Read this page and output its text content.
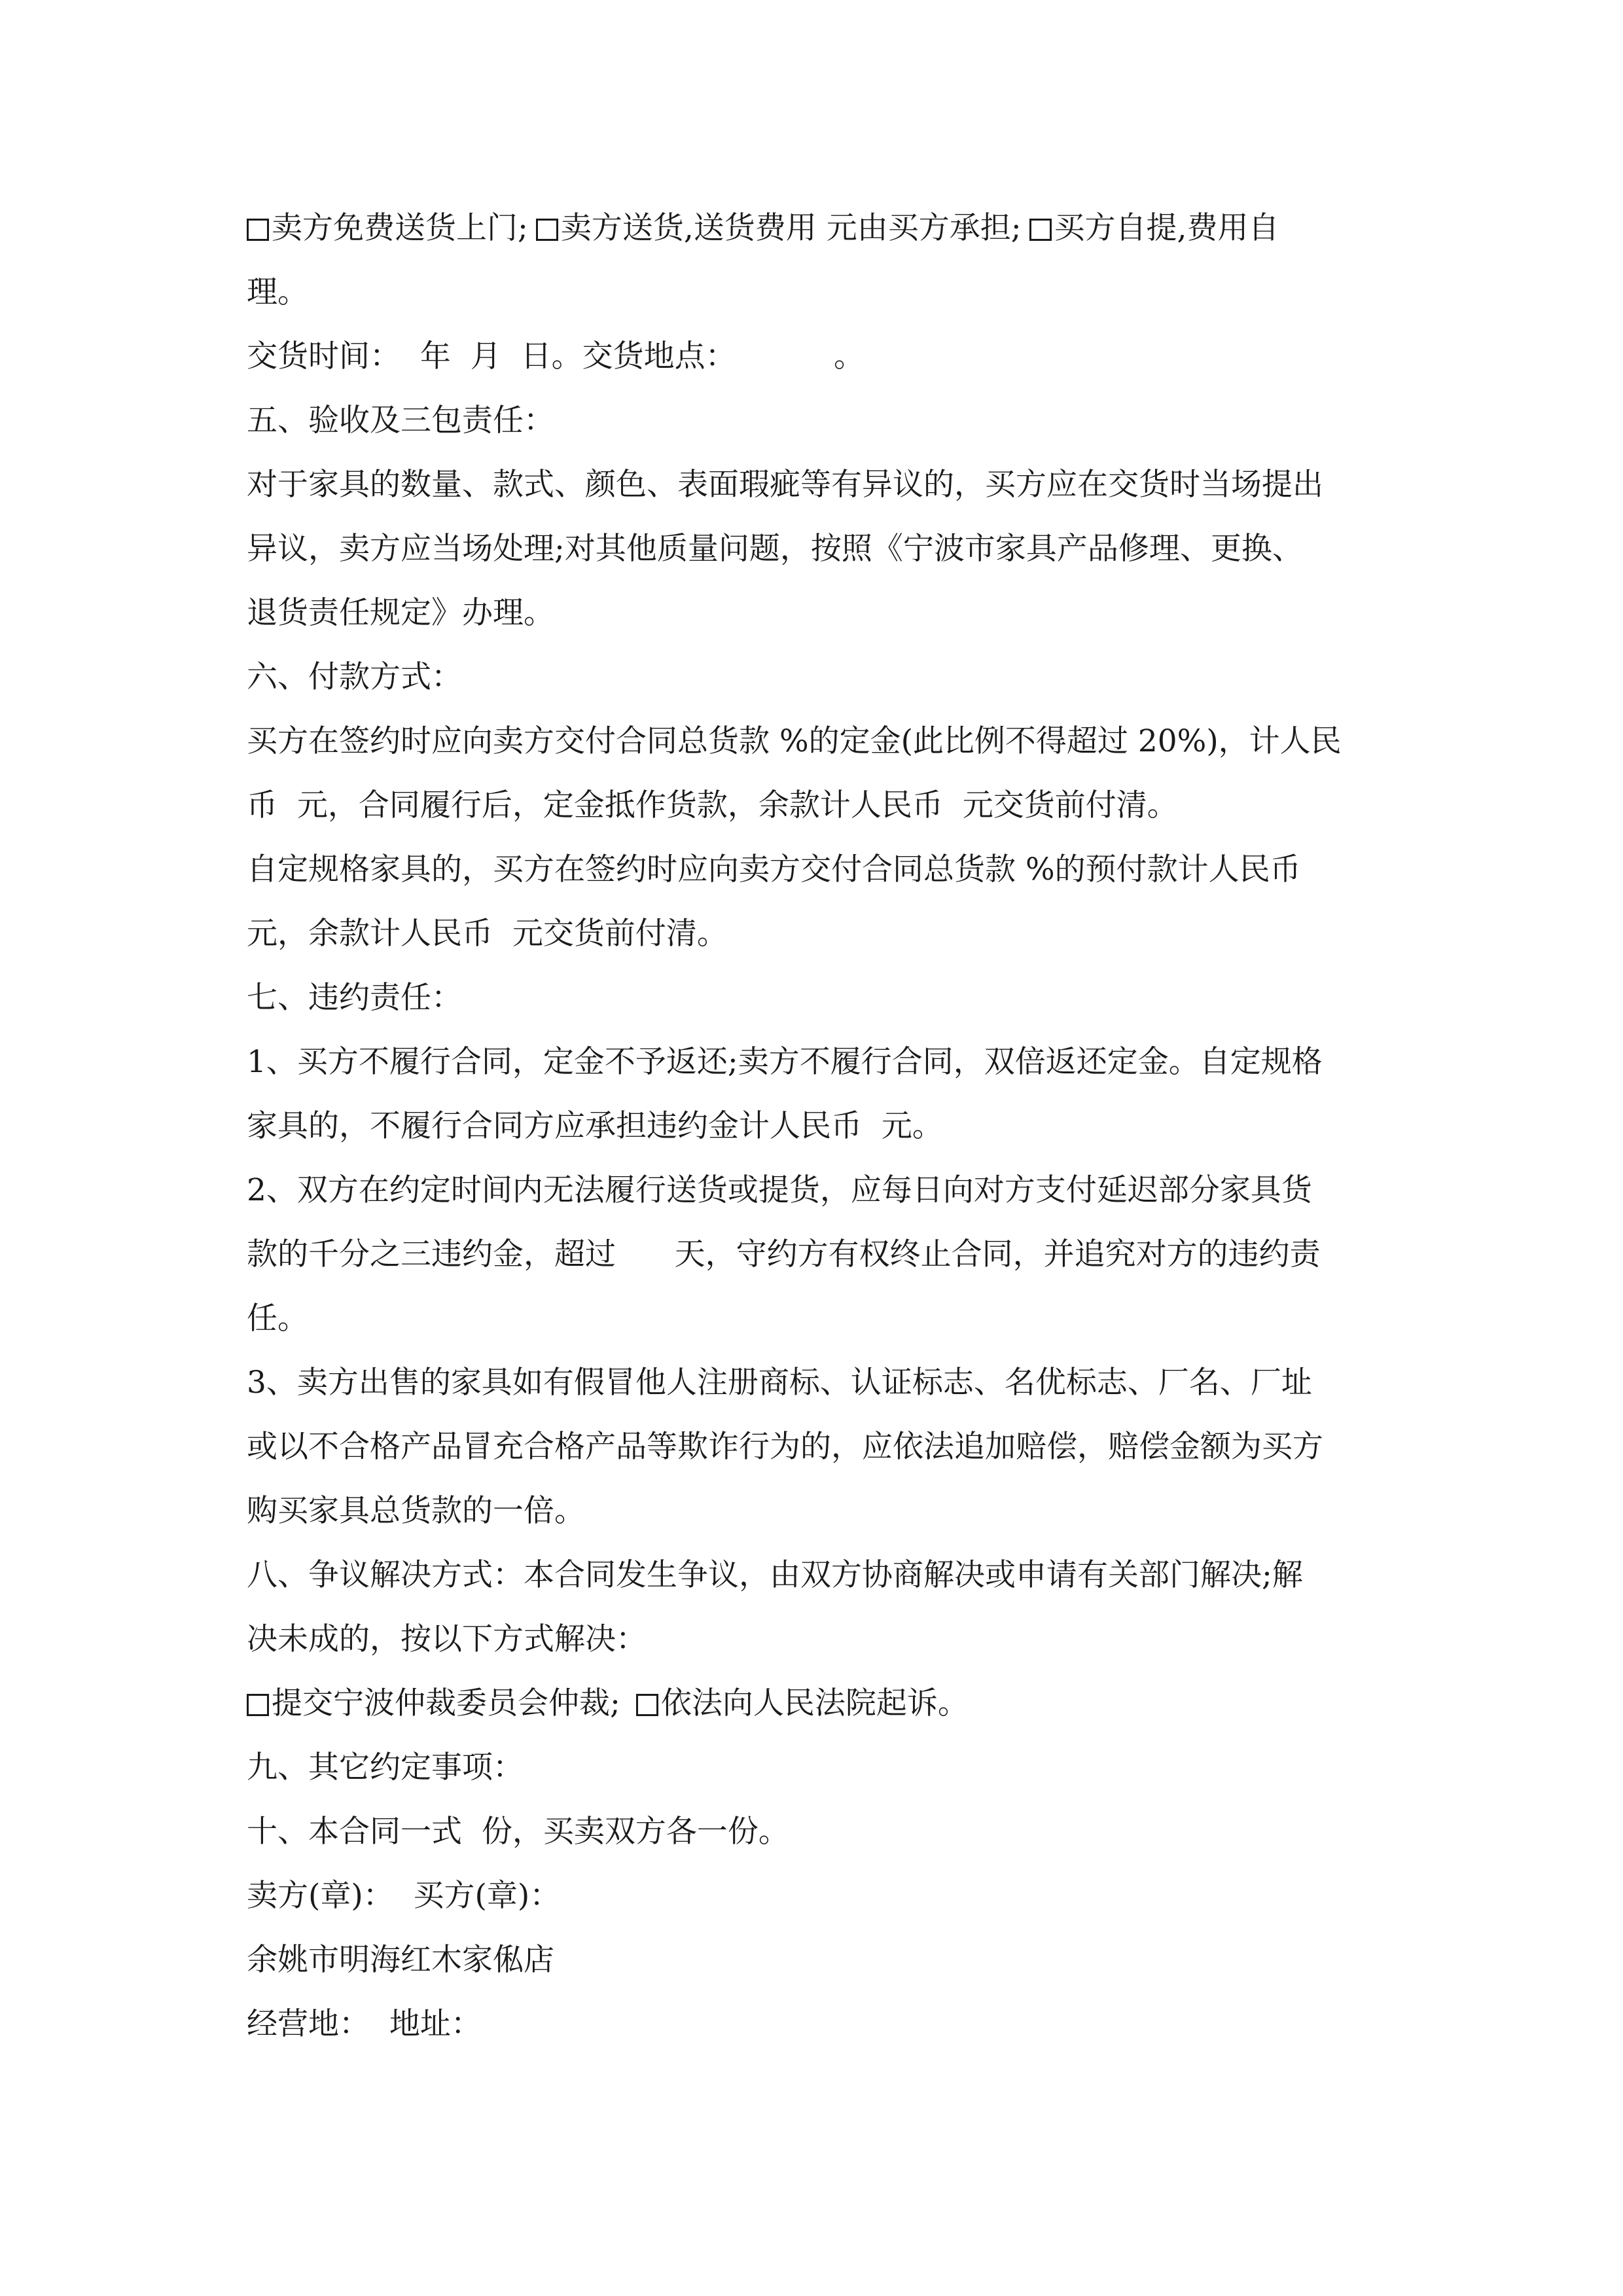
卖方免费送货上门; 卖方送货,送货费用 元由买方承担; 买方自提,费用自
理。
交货时间：  年  月  日。交货地点：          。
五、验收及三包责任：
对于家具的数量、款式、颜色、表面瑕疵等有异议的，买方应在交货时当场提出
异议，卖方应当场处理;对其他质量问题，按照《宁波市家具产品修理、更换、
退货责任规定》办理。
六、付款方式：
买方在签约时应向卖方交付合同总货款 %的定金(此比例不得超过 20%)，计人民
币  元，合同履行后，定金抵作货款，余款计人民币  元交货前付清。
自定规格家具的，买方在签约时应向卖方交付合同总货款 %的预付款计人民币
元，余款计人民币  元交货前付清。
七、违约责任：
1、买方不履行合同，定金不予返还;卖方不履行合同，双倍返还定金。自定规格
家具的，不履行合同方应承担违约金计人民币  元。
2、双方在约定时间内无法履行送货或提货，应每日向对方支付延迟部分家具货
款的千分之三违约金，超过      天，守约方有权终止合同，并追究对方的违约责
任。
3、卖方出售的家具如有假冒他人注册商标、认证标志、名优标志、厂名、厂址
或以不合格产品冒充合格产品等欺诈行为的，应依法追加赔偿，赔偿金额为买方
购买家具总货款的一倍。
八、争议解决方式：本合同发生争议，由双方协商解决或申请有关部门解决;解
决未成的，按以下方式解决：
提交宁波仲裁委员会仲裁; 依法向人民法院起诉。
九、其它约定事项：
十、本合同一式  份，买卖双方各一份。
卖方(章)：  买方(章)：
余姚市明海红木家俬店
经营地：  地址：
